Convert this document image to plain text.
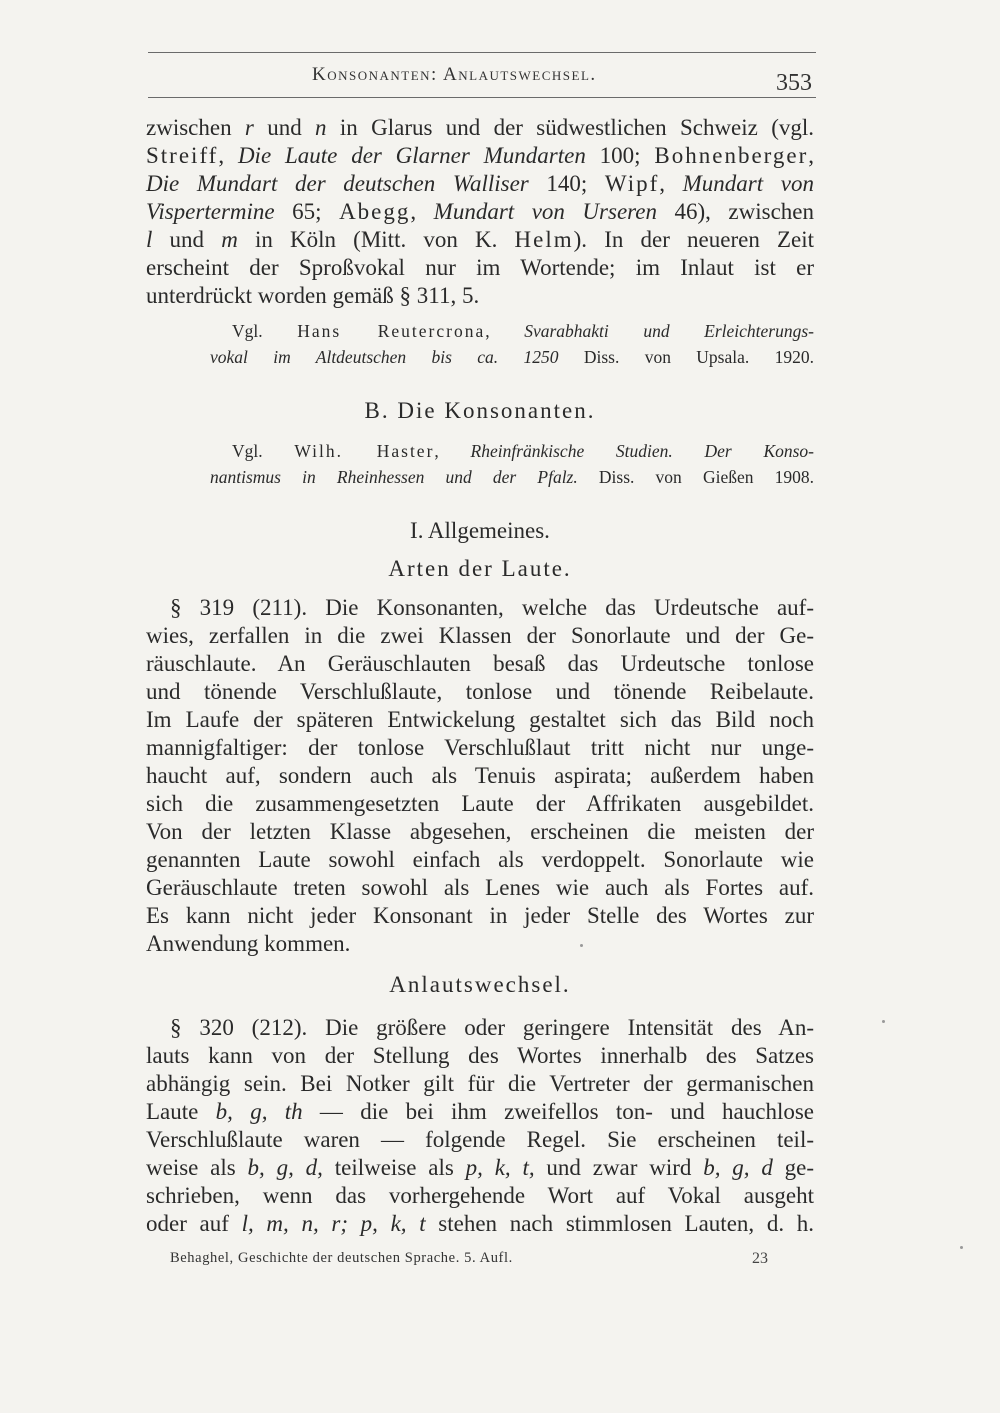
Konsonanten: Anlautswechsel.	353
zwischen r und n in Glarus und der südwestlichen Schweiz (vgl.
Streiff, Die Laute der Glarner Mundarten 100; Bohnenberger,
Die Mundart der deutschen Walliser 140; Wipf, Mundart von
Vispertermine 65; Abegg, Mundart von Urseren 46), zwischen
l und m in Köln (Mitt. von K. Helm). In der neueren Zeit
erscheint der Sproßvokal nur im Wortende; im Inlaut ist er
unterdrückt worden gemäß § 311, 5.
Vgl. Hans Reutercrona, Svarabhakti und Erleichterungs-
vokal im Altdeutschen bis ca. 1250 Diss. von Upsala. 1920.
B. Die Konsonanten.
Vgl. Wilh. Haster, Rheinfränkische Studien. Der Konso-
nantismus in Rheinhessen und der Pfalz. Diss. von Gießen 1908.
I. Allgemeines.
Arten der Laute.
§ 319 (211). Die Konsonanten, welche das Urdeutsche auf-
wies, zerfallen in die zwei Klassen der Sonorlaute und der Ge-
räuschlaute. An Geräuschlauten besaß das Urdeutsche tonlose
und tönende Verschlußlaute, tonlose und tönende Reibelaute.
Im Laufe der späteren Entwickelung gestaltet sich das Bild noch
mannigfaltiger: der tonlose Verschlußlaut tritt nicht nur unge-
haucht auf, sondern auch als Tenuis aspirata; außerdem haben
sich die zusammengesetzten Laute der Affrikaten ausgebildet.
Von der letzten Klasse abgesehen, erscheinen die meisten der
genannten Laute sowohl einfach als verdoppelt. Sonorlaute wie
Geräuschlaute treten sowohl als Lenes wie auch als Fortes auf.
Es kann nicht jeder Konsonant in jeder Stelle des Wortes zur
Anwendung kommen.
Anlautswechsel.
§ 320 (212). Die größere oder geringere Intensität des An-
lauts kann von der Stellung des Wortes innerhalb des Satzes
abhängig sein. Bei Notker gilt für die Vertreter der germanischen
Laute b, g, th — die bei ihm zweifellos ton- und hauchlose
Verschlußlaute waren — folgende Regel. Sie erscheinen teil-
weise als b, g, d, teilweise als p, k, t, und zwar wird b, g, d ge-
schrieben, wenn das vorhergehende Wort auf Vokal ausgeht
oder auf l, m, n, r; p, k, t stehen nach stimmlosen Lauten, d. h.
Behaghel, Geschichte der deutschen Sprache. 5. Aufl.	23
